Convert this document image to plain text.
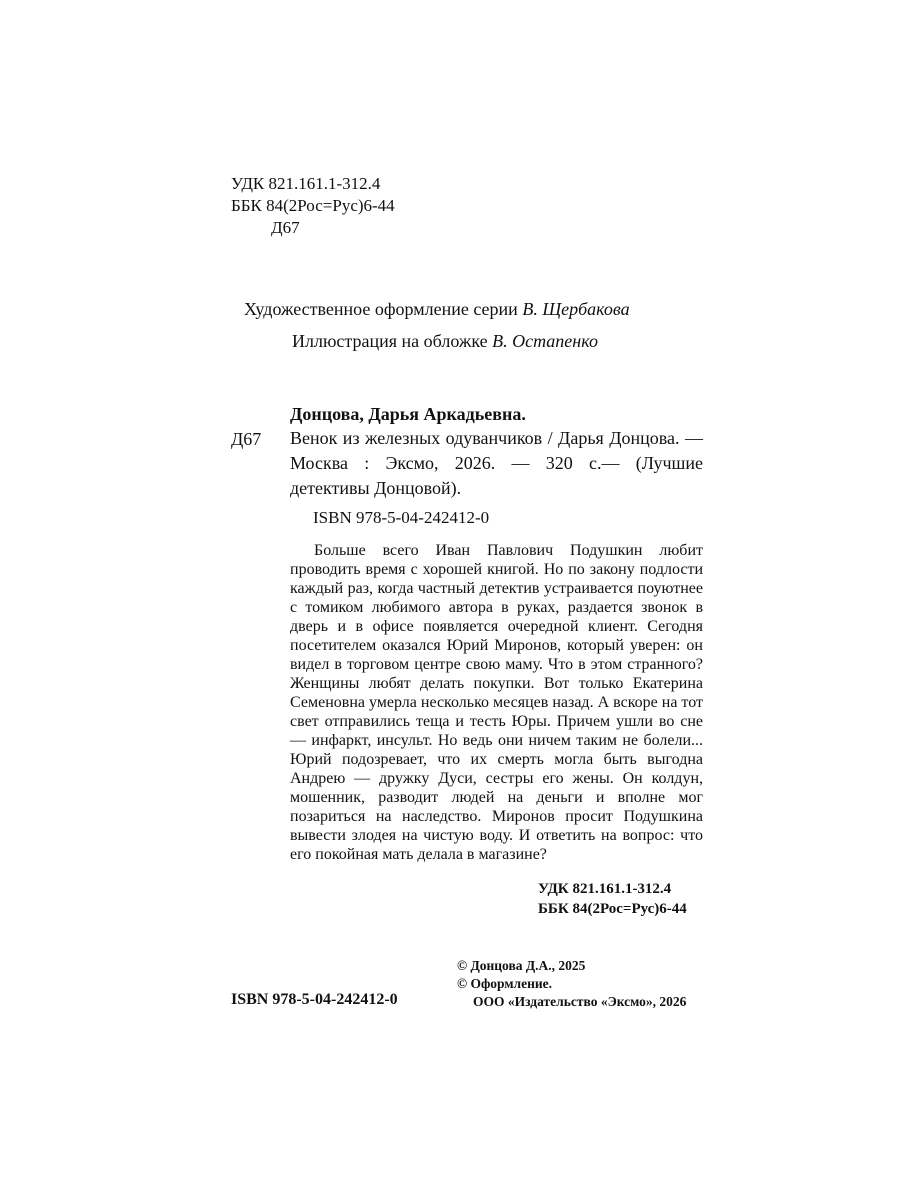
УДК 821.161.1-312.4
ББК 84(2Рос=Рус)6-44
Д67
Художественное оформление серии В. Щербакова
Иллюстрация на обложке В. Остапенко
Донцова, Дарья Аркадьевна.
Д67 Венок из железных одуванчиков / Дарья Донцова. — Москва : Эксмо, 2026. — 320 с.— (Лучшие детективы Донцовой).
ISBN 978-5-04-242412-0
Больше всего Иван Павлович Подушкин любит проводить время с хорошей книгой. Но по закону подлости каждый раз, когда частный детектив устраивается поуютнее с томиком любимого автора в руках, раздается звонок в дверь и в офисе появляется очередной клиент. Сегодня посетителем оказался Юрий Миронов, который уверен: он видел в торговом центре свою маму. Что в этом странного? Женщины любят делать покупки. Вот только Екатерина Семеновна умерла несколько месяцев назад. А вскоре на тот свет отправились теща и тесть Юры. Причем ушли во сне — инфаркт, инсульт. Но ведь они ничем таким не болели... Юрий подозревает, что их смерть могла быть выгодна Андрею — дружку Дуси, сестры его жены. Он колдун, мошенник, разводит людей на деньги и вполне мог позариться на наследство. Миронов просит Подушкина вывести злодея на чистую воду. И ответить на вопрос: что его покойная мать делала в магазине?
УДК 821.161.1-312.4
ББК 84(2Рос=Рус)6-44
© Донцова Д.А., 2025
© Оформление.
ООО «Издательство «Эксмо», 2026
ISBN 978-5-04-242412-0
